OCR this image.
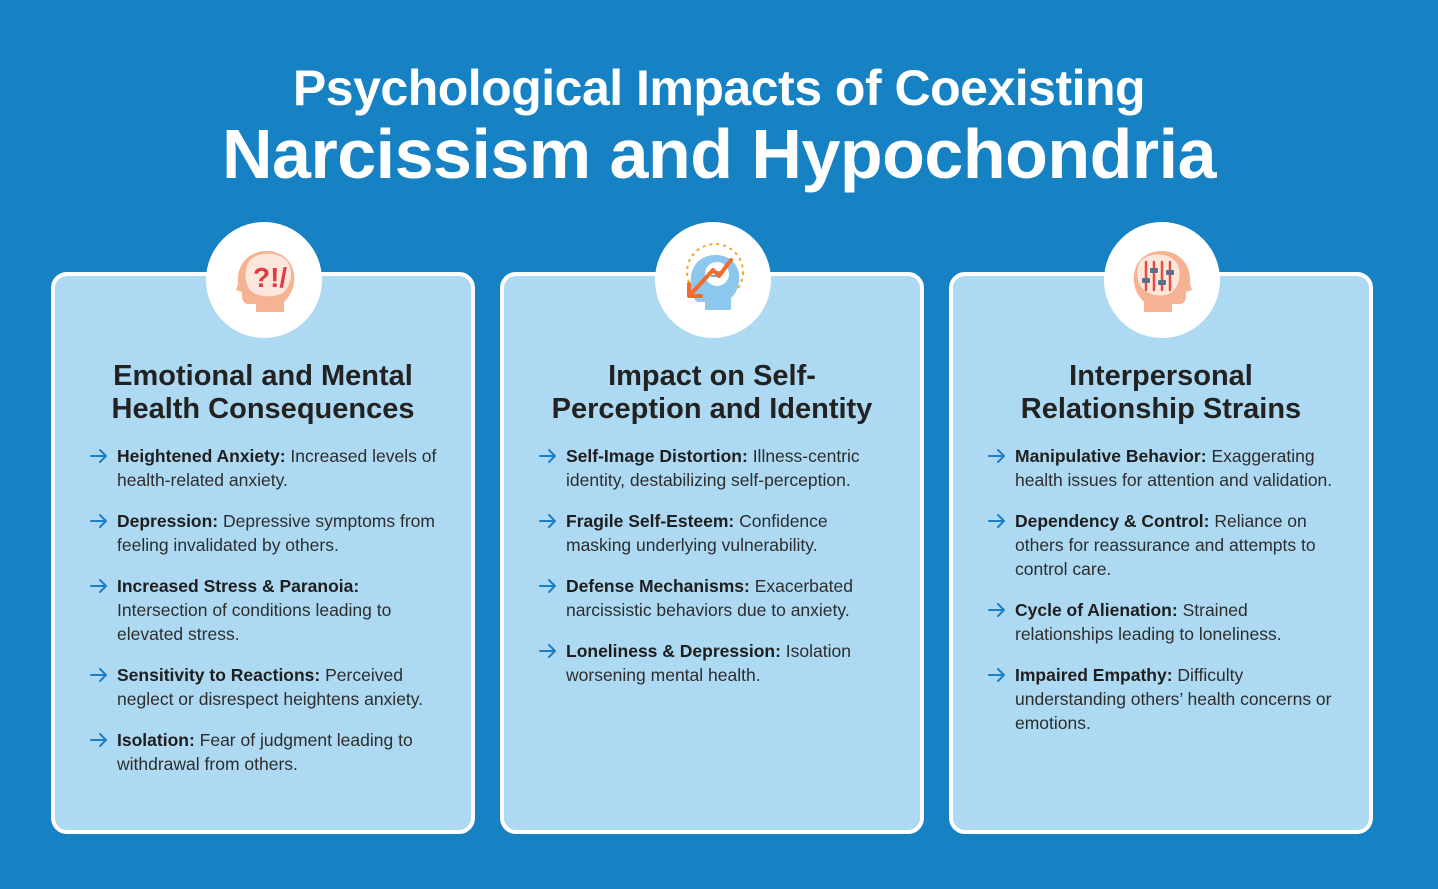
Psychological Impacts of Coexisting
Narcissism and Hypochondria
Emotional and Mental
Health Consequences
Heightened Anxiety: Increased levels of health-related anxiety.
Depression: Depressive symptoms from feeling invalidated by others.
Increased Stress & Paranoia: Intersection of conditions leading to elevated stress.
Sensitivity to Reactions: Perceived neglect or disrespect heightens anxiety.
Isolation: Fear of judgment leading to withdrawal from others.
Impact on Self-
Perception and Identity
Self-Image Distortion: Illness-centric identity, destabilizing self-perception.
Fragile Self-Esteem: Confidence masking underlying vulnerability.
Defense Mechanisms: Exacerbated narcissistic behaviors due to anxiety.
Loneliness & Depression: Isolation worsening mental health.
Interpersonal
Relationship Strains
Manipulative Behavior: Exaggerating health issues for attention and validation.
Dependency & Control: Reliance on others for reassurance and attempts to control care.
Cycle of Alienation: Strained relationships leading to loneliness.
Impaired Empathy: Difficulty understanding others’ health concerns or emotions.
?!/
